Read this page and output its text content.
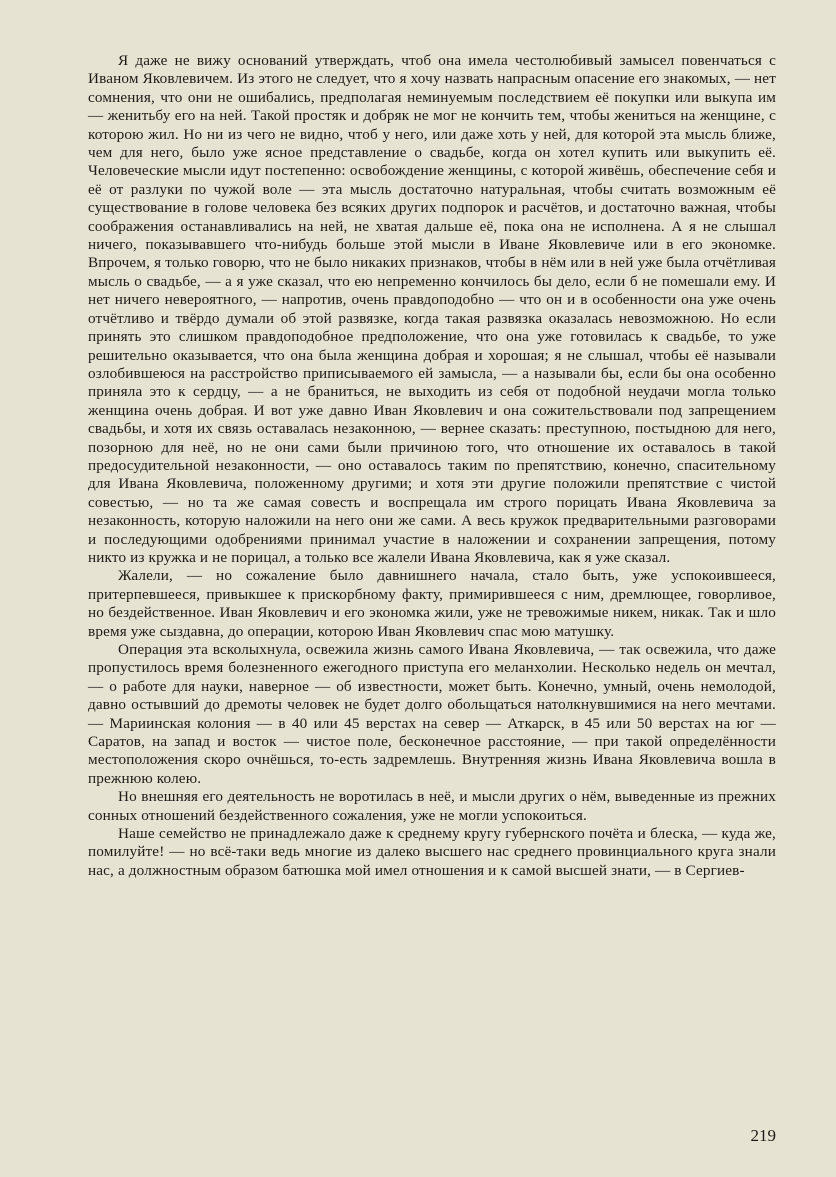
Я даже не вижу оснований утверждать, чтоб она имела честолюбивый замысел повенчаться с Иваном Яковлевичем. Из этого не следует, что я хочу назвать напрасным опасение его знакомых, — нет сомнения, что они не ошибались, предполагая неминуемым последствием её покупки или выкупа им — женитьбу его на ней. Такой простяк и добряк не мог не кончить тем, чтобы жениться на женщине, с которою жил. Но ни из чего не видно, чтоб у него, или даже хоть у ней, для которой эта мысль ближе, чем для него, было уже ясное представление о свадьбе, когда он хотел купить или выкупить её. Человеческие мысли идут постепенно: освобождение женщины, с которой живёшь, обеспечение себя и её от разлуки по чужой воле — эта мысль достаточно натуральная, чтобы считать возможным её существование в голове человека без всяких других подпорок и расчётов, и достаточно важная, чтобы соображения останавливались на ней, не хватая дальше её, пока она не исполнена. А я не слышал ничего, показывавшего что-нибудь больше этой мысли в Иване Яковлевиче или в его экономке. Впрочем, я только говорю, что не было никаких признаков, чтобы в нём или в ней уже была отчётливая мысль о свадьбе, — а я уже сказал, что ею непременно кончилось бы дело, если б не помешали ему. И нет ничего невероятного, — напротив, очень правдоподобно — что он и в особенности она уже очень отчётливо и твёрдо думали об этой развязке, когда такая развязка оказалась невозможною. Но если принять это слишком правдоподобное предположение, что она уже готовилась к свадьбе, то уже решительно оказывается, что она была женщина добрая и хорошая; я не слышал, чтобы её называли озлобившеюся на расстройство приписываемого ей замысла, — а называли бы, если бы она особенно приняла это к сердцу, — а не браниться, не выходить из себя от подобной неудачи могла только женщина очень добрая. И вот уже давно Иван Яковлевич и она сожительствовали под запрещением свадьбы, и хотя их связь оставалась незаконною, — вернее сказать: преступною, постыдною для него, позорною для неё, но не они сами были причиною того, что отношение их оставалось в такой предосудительной незаконности, — оно оставалось таким по препятствию, конечно, спасительному для Ивана Яковлевича, положенному другими; и хотя эти другие положили препятствие с чистой совестью, — но та же самая совесть и воспрещала им строго порицать Ивана Яковлевича за незаконность, которую наложили на него они же сами. А весь кружок предварительными разговорами и последующими одобрениями принимал участие в наложении и сохранении запрещения, потому никто из кружка и не порицал, а только все жалели Ивана Яковлевича, как я уже сказал.

Жалели, — но сожаление было давнишнего начала, стало быть, уже успокоившееся, притерпевшееся, привыкшее к прискорбному факту, примирившееся с ним, дремлющее, говорливое, но бездейственное. Иван Яковлевич и его экономка жили, уже не тревожимые никем, никак. Так и шло время уже сыздавна, до операции, которою Иван Яковлевич спас мою матушку.

Операция эта всколыхнула, освежила жизнь самого Ивана Яковлевича, — так освежила, что даже пропустилось время болезненного ежегодного приступа его меланхолии. Несколько недель он мечтал, — о работе для науки, наверное — об известности, может быть. Конечно, умный, очень немолодой, давно остывший до дремоты человек не будет долго обольщаться натолкнувшимися на него мечтами. — Мариинская колония — в 40 или 45 верстах на север — Аткарск, в 45 или 50 верстах на юг — Саратов, на запад и восток — чистое поле, бесконечное расстояние, — при такой определённости местоположения скоро очнёшься, то-есть задремлешь. Внутренняя жизнь Ивана Яковлевича вошла в прежнюю колею.

Но внешняя его деятельность не воротилась в неё, и мысли других о нём, выведенные из прежних сонных отношений бездейственного сожаления, уже не могли успокоиться.

Наше семейство не принадлежало даже к среднему кругу губернского почёта и блеска, — куда же, помилуйте! — но всё-таки ведь многие из далеко высшего нас среднего провинциального круга знали нас, а должностным образом батюшка мой имел отношения и к самой высшей знати, — в Сергиев-

219
